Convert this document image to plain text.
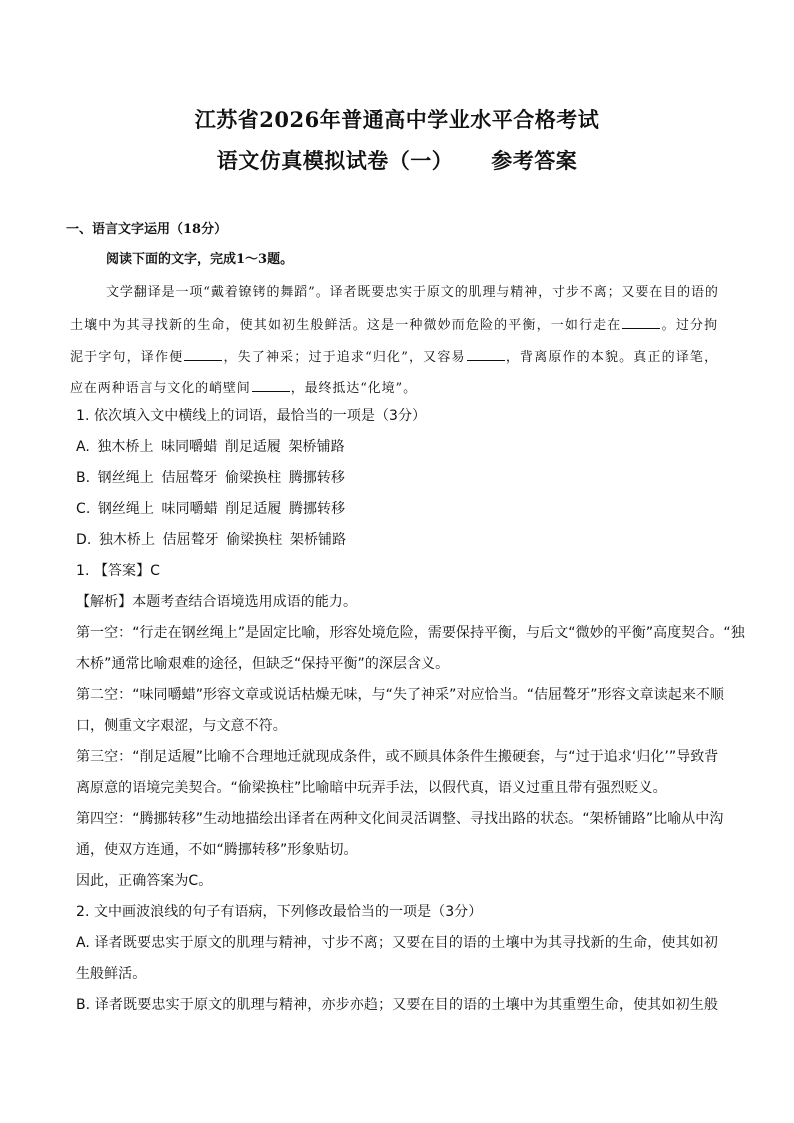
江苏省2026年普通高中学业水平合格考试
语文仿真模拟试卷（一） 参考答案
一、语言文字运用（18分）
阅读下面的文字，完成1～3题。
文学翻译是一项“戴着镣铐的舞蹈”。译者既要忠实于原文的肌理与精神，寸步不离；又要在目的语的
土壤中为其寻找新的生命，使其如初生般鲜活。这是一种微妙而危险的平衡，一如行走在	。过分拘
泥于字句，译作便	，失了神采；过于追求“归化”，又容易	，背离原作的本貌。真正的译笔，
应在两种语言与文化的峭壁间	，最终抵达“化境”。
1. 依次填入文中横线上的词语，最恰当的一项是（3分）
A. 独木桥上 味同嚼蜡 削足适履 架桥铺路
B. 钢丝绳上 佶屈聱牙 偷梁换柱 腾挪转移
C. 钢丝绳上 味同嚼蜡 削足适履 腾挪转移
D. 独木桥上 佶屈聱牙 偷梁换柱 架桥铺路
1. 【答案】C
【解析】本题考查结合语境选用成语的能力。
第一空：“行走在钢丝绳上”是固定比喻，形容处境危险，需要保持平衡，与后文“微妙的平衡”高度契合。“独
木桥”通常比喻艰难的途径，但缺乏“保持平衡”的深层含义。
第二空：“味同嚼蜡”形容文章或说话枯燥无味，与“失了神采”对应恰当。“佶屈聱牙”形容文章读起来不顺
口，侧重文字艰涩，与文意不符。
第三空：“削足适履”比喻不合理地迁就现成条件，或不顾具体条件生搬硬套，与“过于追求‘归化’”导致背
离原意的语境完美契合。“偷梁换柱”比喻暗中玩弄手法，以假代真，语义过重且带有强烈贬义。
第四空：“腾挪转移”生动地描绘出译者在两种文化间灵活调整、寻找出路的状态。“架桥铺路”比喻从中沟
通，使双方连通，不如“腾挪转移”形象贴切。
因此，正确答案为C。
2. 文中画波浪线的句子有语病，下列修改最恰当的一项是（3分）
A. 译者既要忠实于原文的肌理与精神，寸步不离；又要在目的语的土壤中为其寻找新的生命，使其如初
生般鲜活。
B. 译者既要忠实于原文的肌理与精神，亦步亦趋；又要在目的语的土壤中为其重塑生命，使其如初生般
